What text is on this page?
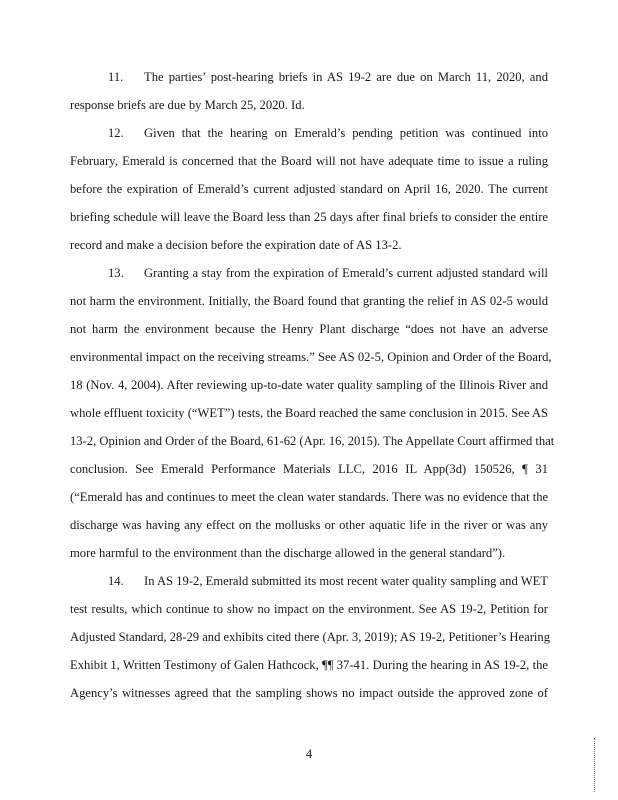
11. The parties’ post-hearing briefs in AS 19-2 are due on March 11, 2020, and
response briefs are due by March 25, 2020. Id.
12. Given that the hearing on Emerald’s pending petition was continued into
February, Emerald is concerned that the Board will not have adequate time to issue a ruling
before the expiration of Emerald’s current adjusted standard on April 16, 2020. The current
briefing schedule will leave the Board less than 25 days after final briefs to consider the entire
record and make a decision before the expiration date of AS 13-2.
13. Granting a stay from the expiration of Emerald’s current adjusted standard will
not harm the environment. Initially, the Board found that granting the relief in AS 02-5 would
not harm the environment because the Henry Plant discharge “does not have an adverse
environmental impact on the receiving streams.” See AS 02-5, Opinion and Order of the Board,
18 (Nov. 4, 2004). After reviewing up-to-date water quality sampling of the Illinois River and
whole effluent toxicity (“WET”) tests, the Board reached the same conclusion in 2015. See AS
13-2, Opinion and Order of the Board, 61-62 (Apr. 16, 2015). The Appellate Court affirmed that
conclusion. See Emerald Performance Materials LLC, 2016 IL App(3d) 150526, ¶ 31
(“Emerald has and continues to meet the clean water standards. There was no evidence that the
discharge was having any effect on the mollusks or other aquatic life in the river or was any
more harmful to the environment than the discharge allowed in the general standard”).
14. In AS 19-2, Emerald submitted its most recent water quality sampling and WET
test results, which continue to show no impact on the environment. See AS 19-2, Petition for
Adjusted Standard, 28-29 and exhibits cited there (Apr. 3, 2019); AS 19-2, Petitioner’s Hearing
Exhibit 1, Written Testimony of Galen Hathcock, ¶¶ 37-41. During the hearing in AS 19-2, the
Agency’s witnesses agreed that the sampling shows no impact outside the approved zone of
4
